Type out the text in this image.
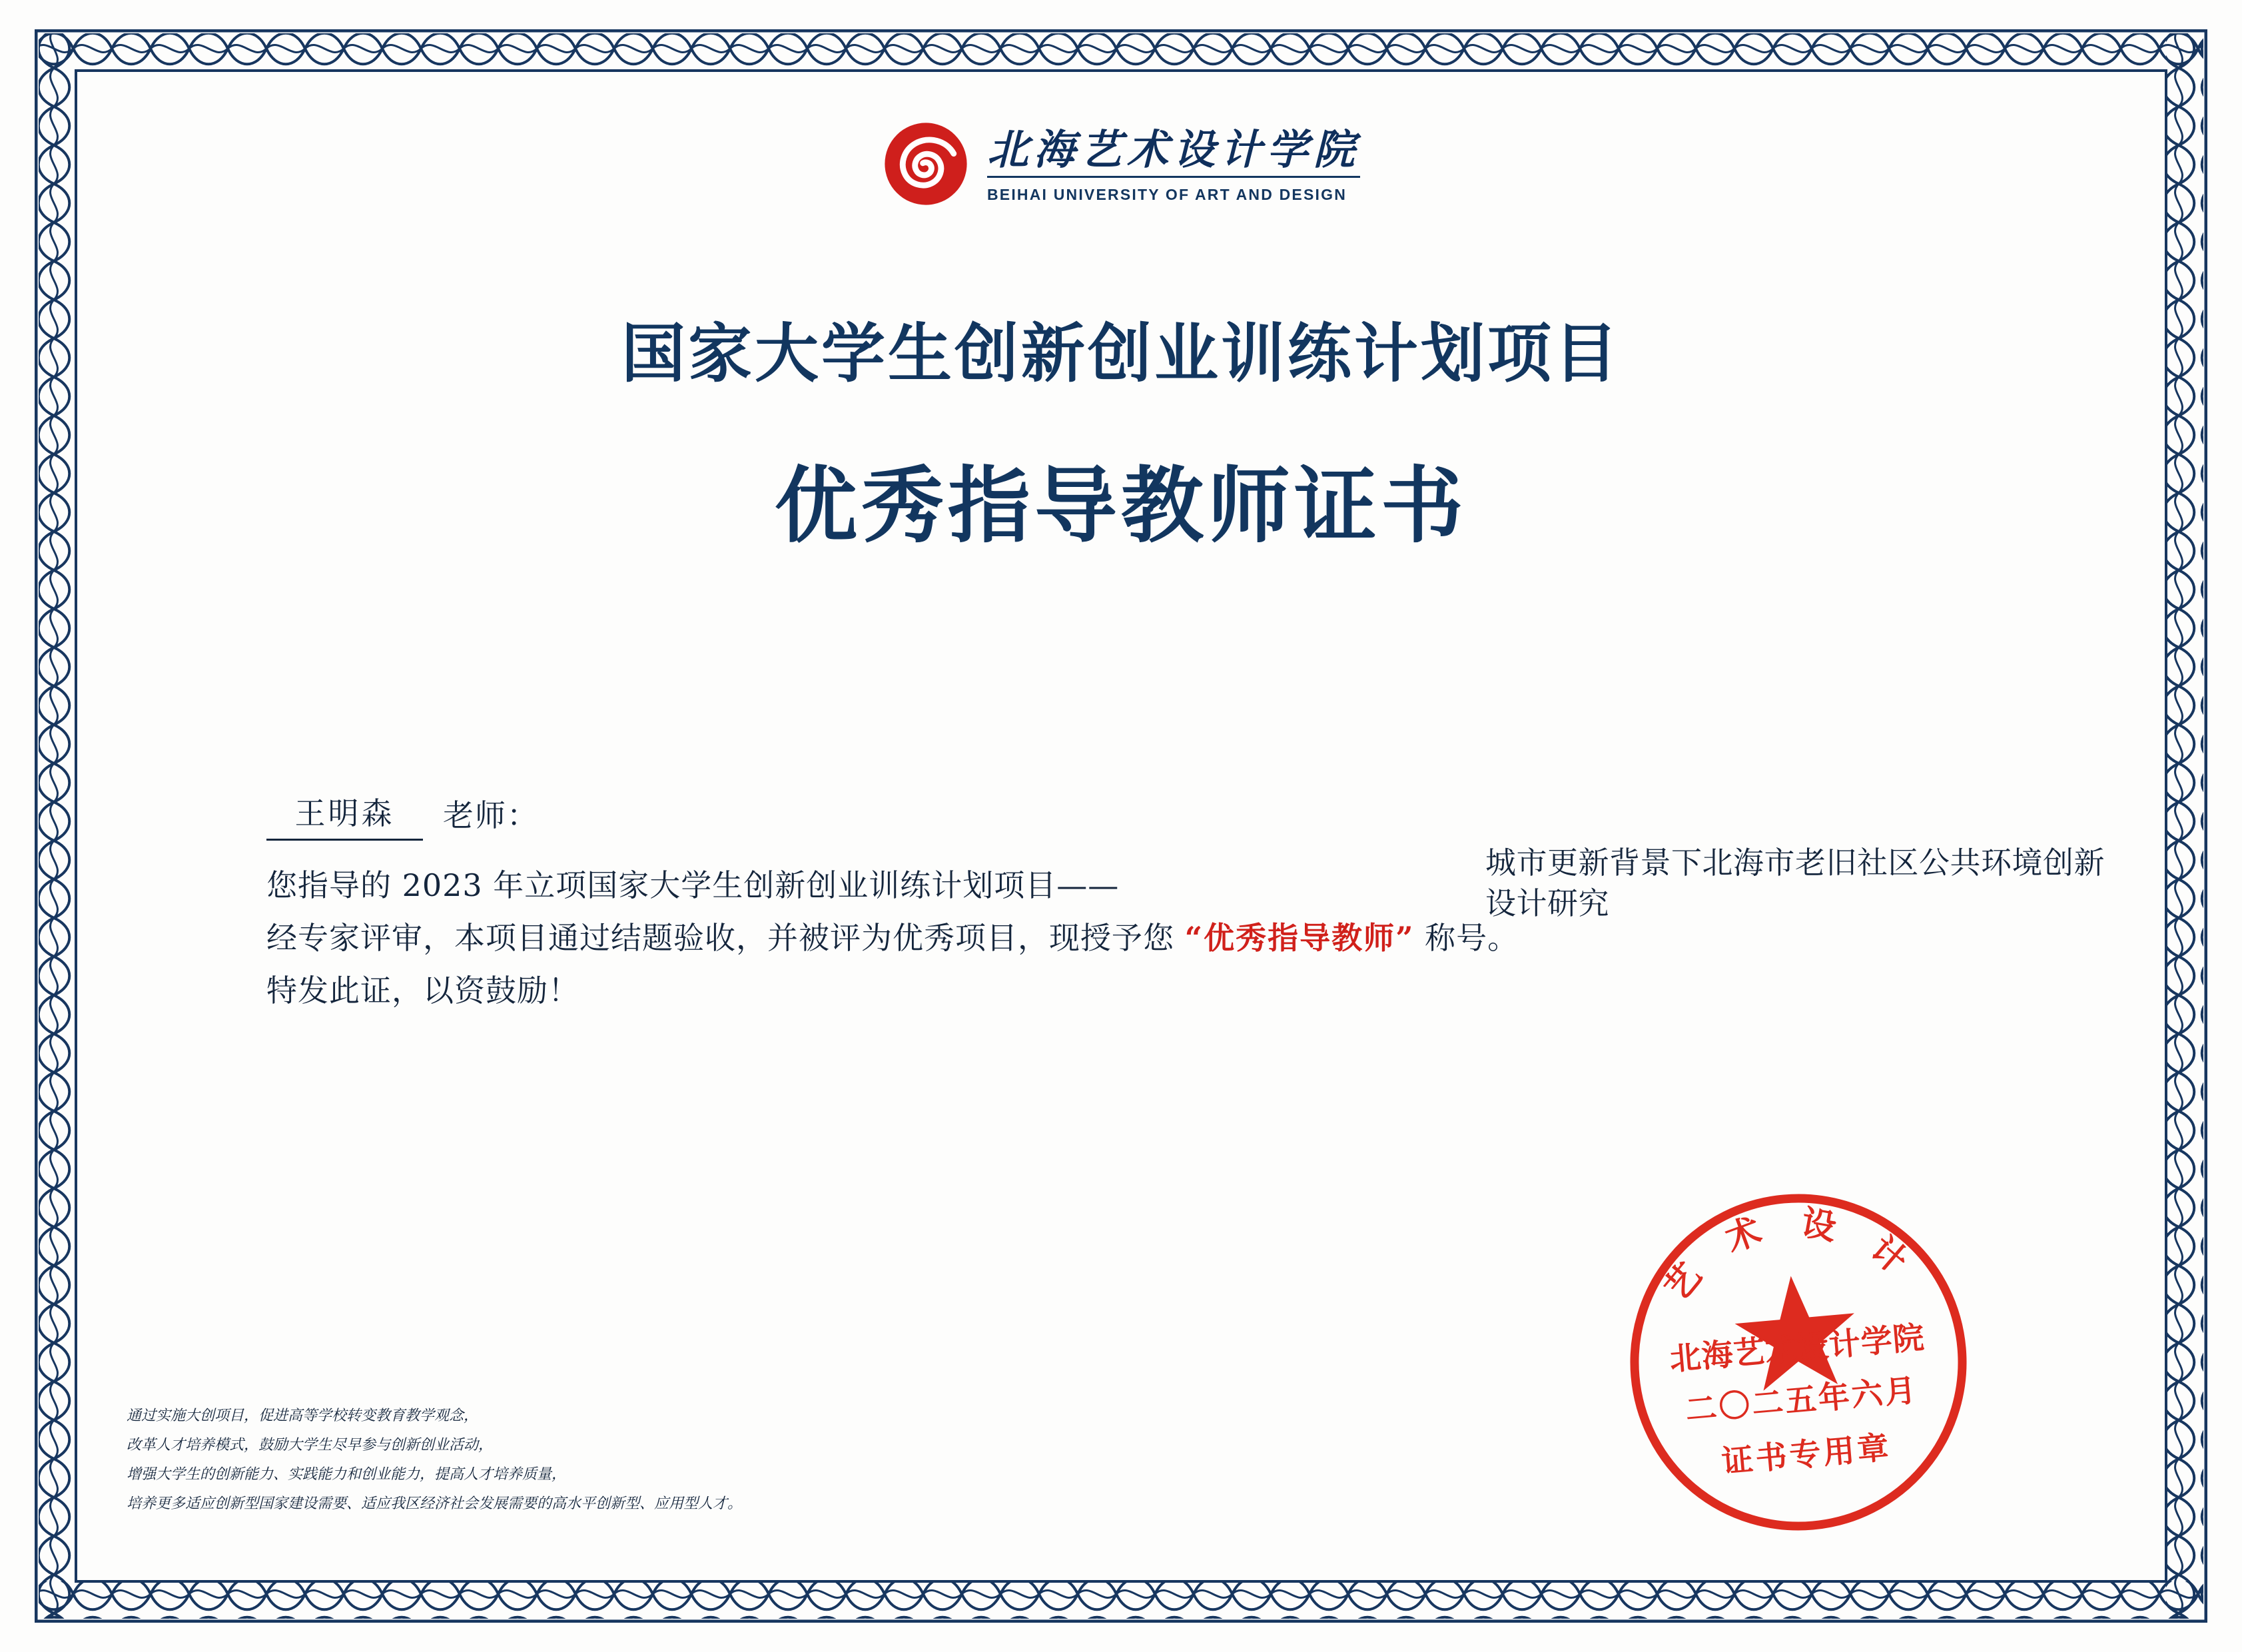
北海艺术设计学院
BEIHAI UNIVERSITY OF ART AND DESIGN
国家大学生创新创业训练计划项目
优秀指导教师证书
王明森	老师：
您指导的 2023 年立项国家大学生创新创业训练计划项目——
经专家评审，本项目通过结题验收，并被评为优秀项目，现授予您 “优秀指导教师” 称号。
特发此证，以资鼓励！
城市更新背景下北海市老旧社区公共环境创新设计研究
通过实施大创项目，促进高等学校转变教育教学观念，
改革人才培养模式，鼓励大学生尽早参与创新创业活动，
增强大学生的创新能力、实践能力和创业能力，提高人才培养质量，
培养更多适应创新型国家建设需要、适应我区经济社会发展需要的高水平创新型、应用型人才。
艺 术 设 计
北海艺术设计学院
二〇二五年六月
证书专用章
